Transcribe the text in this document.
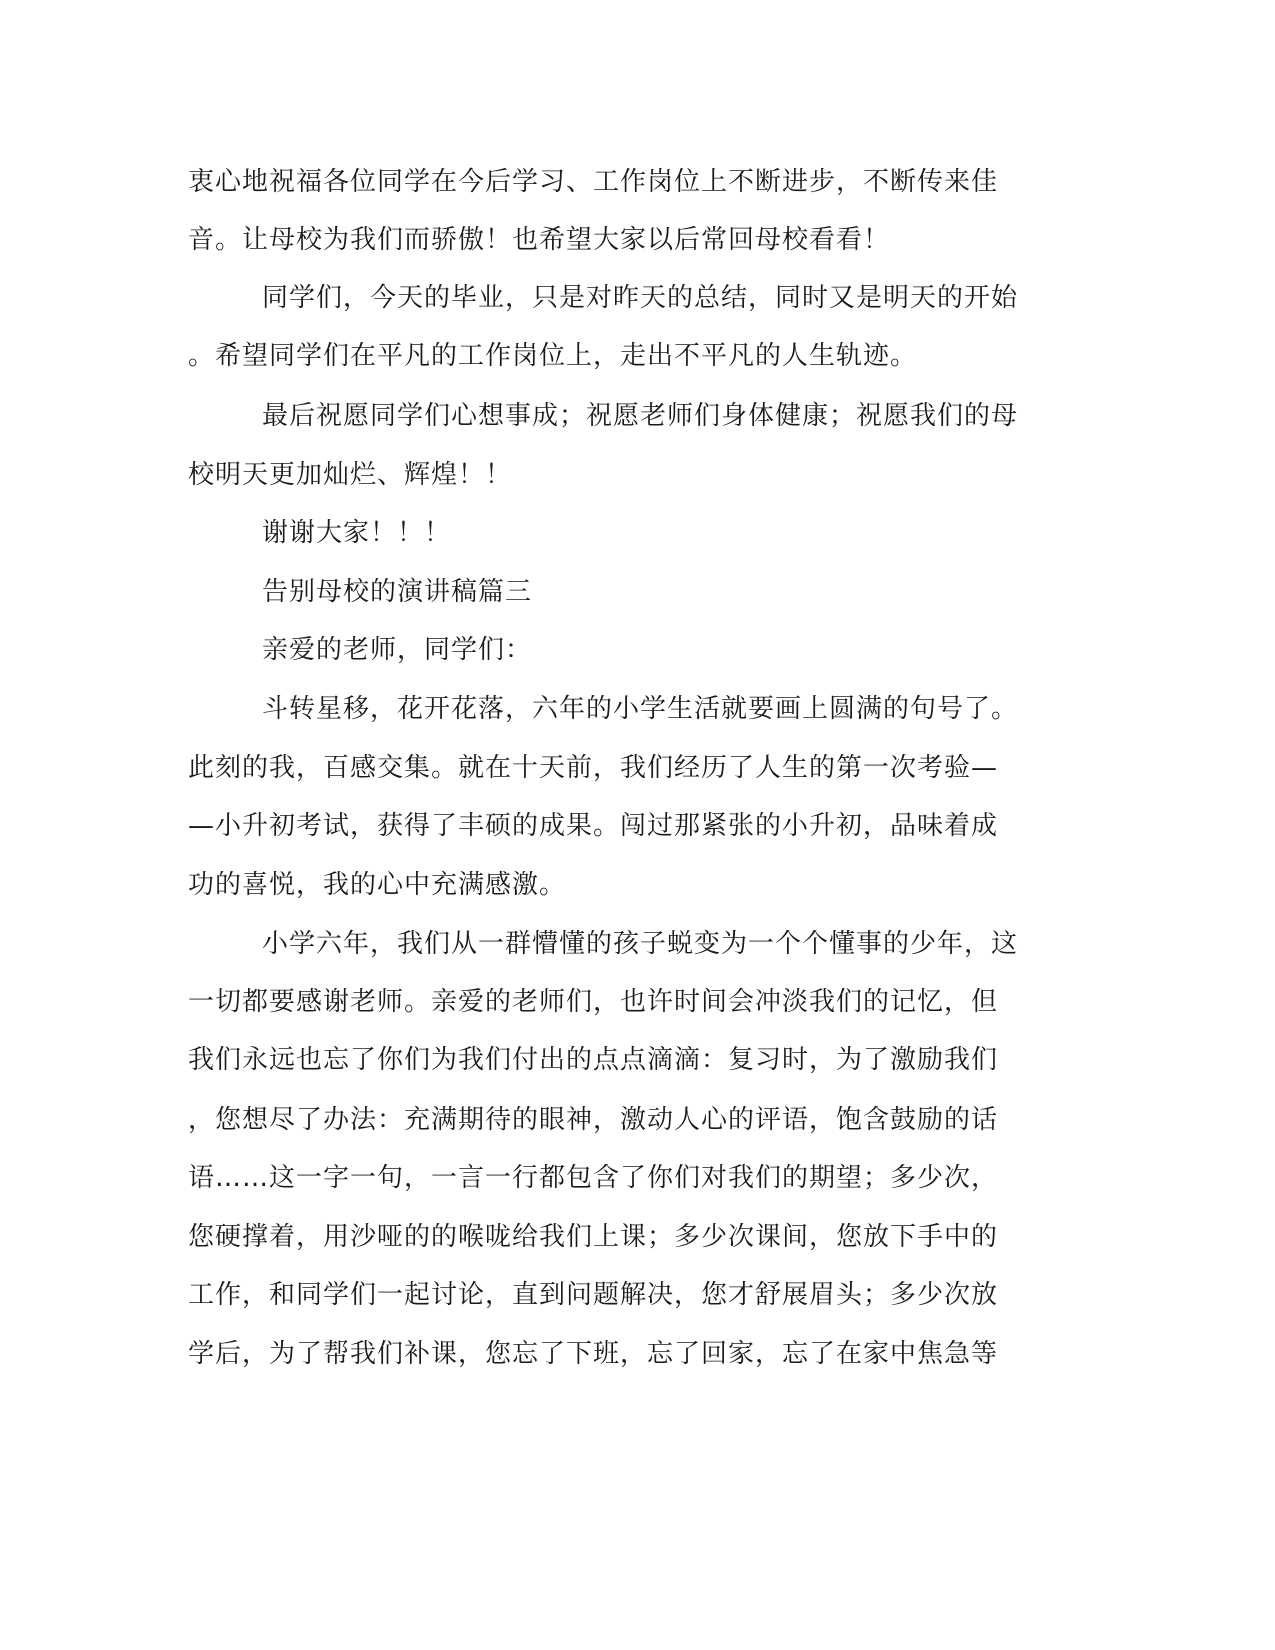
衷心地祝福各位同学在今后学习、工作岗位上不断进步，不断传来佳
音。让母校为我们而骄傲！也希望大家以后常回母校看看！
同学们，今天的毕业，只是对昨天的总结，同时又是明天的开始
。希望同学们在平凡的工作岗位上，走出不平凡的人生轨迹。
最后祝愿同学们心想事成；祝愿老师们身体健康；祝愿我们的母
校明天更加灿烂、辉煌！！
谢谢大家！！！
告别母校的演讲稿篇三
亲爱的老师，同学们：
斗转星移，花开花落，六年的小学生活就要画上圆满的句号了。
此刻的我，百感交集。就在十天前，我们经历了人生的第一次考验—
—小升初考试，获得了丰硕的成果。闯过那紧张的小升初，品味着成
功的喜悦，我的心中充满感激。
小学六年，我们从一群懵懂的孩子蜕变为一个个懂事的少年，这
一切都要感谢老师。亲爱的老师们，也许时间会冲淡我们的记忆，但
我们永远也忘了你们为我们付出的点点滴滴：复习时，为了激励我们
，您想尽了办法：充满期待的眼神，激动人心的评语，饱含鼓励的话
语……这一字一句，一言一行都包含了你们对我们的期望；多少次，
您硬撑着，用沙哑的的喉咙给我们上课；多少次课间，您放下手中的
工作，和同学们一起讨论，直到问题解决，您才舒展眉头；多少次放
学后，为了帮我们补课，您忘了下班，忘了回家，忘了在家中焦急等
